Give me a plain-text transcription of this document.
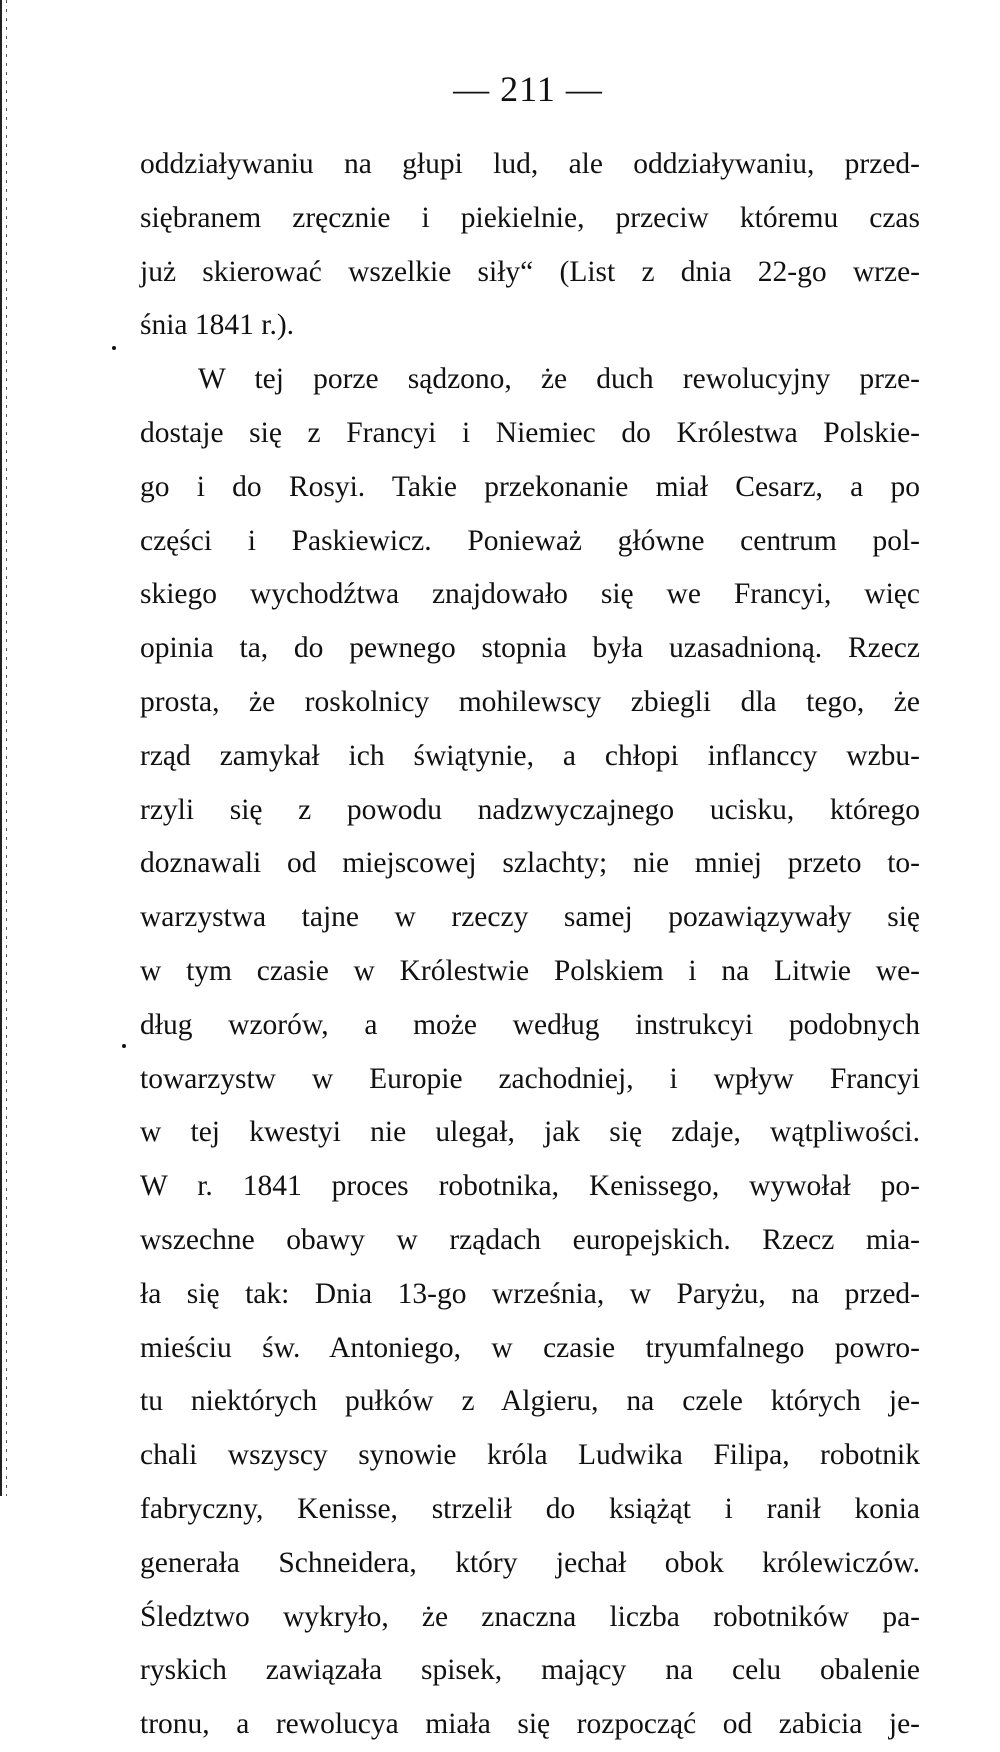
— 211 —
oddziaływaniu na głupi lud, ale oddziaływaniu, przed-
siębranem zręcznie i piekielnie, przeciw któremu czas
już skierować wszelkie siły“ (List z dnia 22-go wrze-
śnia 1841 r.).
W tej porze sądzono, że duch rewolucyjny prze-
dostaje się z Francyi i Niemiec do Królestwa Polskie-
go i do Rosyi. Takie przekonanie miał Cesarz, a po
części i Paskiewicz. Ponieważ główne centrum pol-
skiego wychodźtwa znajdowało się we Francyi, więc
opinia ta, do pewnego stopnia była uzasadnioną. Rzecz
prosta, że roskolnicy mohilewscy zbiegli dla tego, że
rząd zamykał ich świątynie, a chłopi inflanccy wzbu-
rzyli się z powodu nadzwyczajnego ucisku, którego
doznawali od miejscowej szlachty; nie mniej przeto to-
warzystwa tajne w rzeczy samej pozawiązywały się
w tym czasie w Królestwie Polskiem i na Litwie we-
dług wzorów, a może według instrukcyi podobnych
towarzystw w Europie zachodniej, i wpływ Francyi
w tej kwestyi nie ulegał, jak się zdaje, wątpliwości.
W r. 1841 proces robotnika, Kenissego, wywołał po-
wszechne obawy w rządach europejskich. Rzecz mia-
ła się tak: Dnia 13-go września, w Paryżu, na przed-
mieściu św. Antoniego, w czasie tryumfalnego powro-
tu niektórych pułków z Algieru, na czele których je-
chali wszyscy synowie króla Ludwika Filipa, robotnik
fabryczny, Kenisse, strzelił do książąt i ranił konia
generała Schneidera, który jechał obok królewiczów.
Śledztwo wykryło, że znaczna liczba robotników pa-
ryskich zawiązała spisek, mający na celu obalenie
tronu, a rewolucya miała się rozpocząć od zabicia je-
